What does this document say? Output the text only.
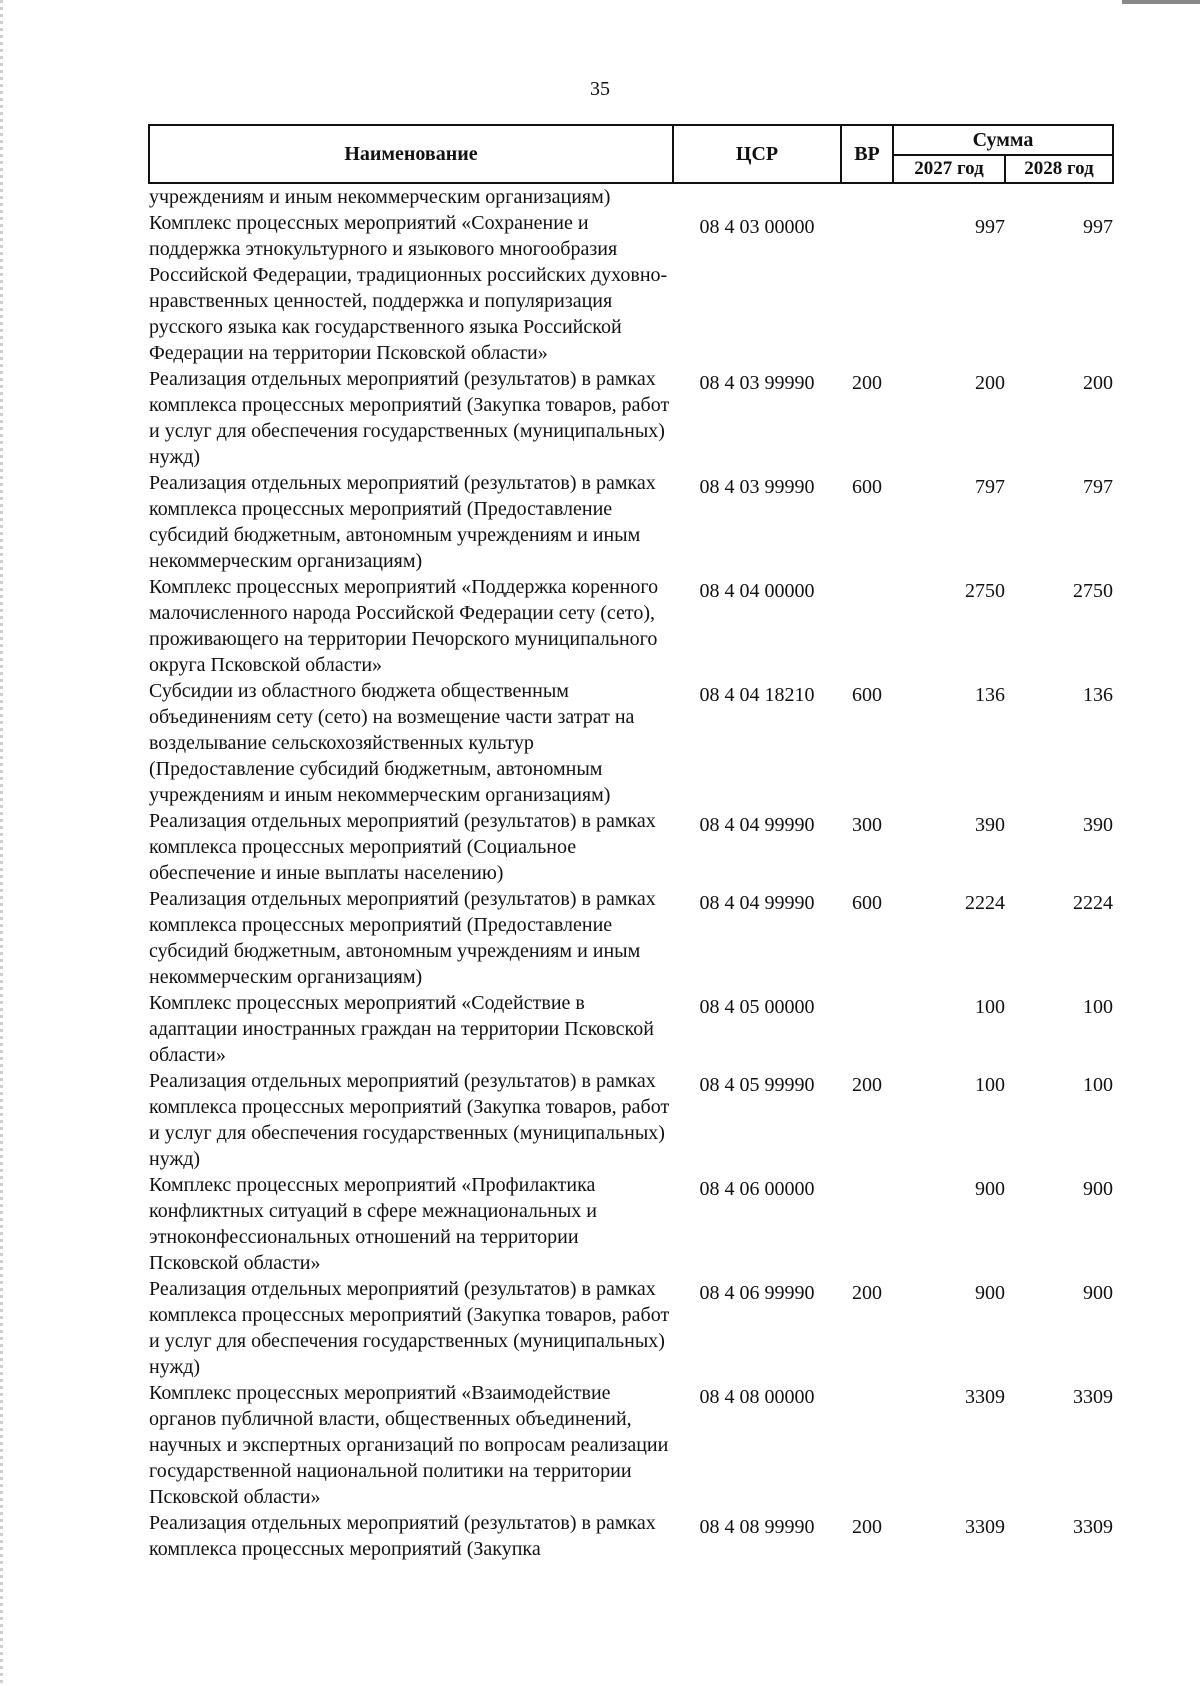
35
Наименование	ЦСР	ВР	Сумма	
			2027 год	2028 год
учреждениям и иным некоммерческим организациям)	

Комплекс процессных мероприятий «Сохранение и поддержка этнокультурного и языкового многообразия Российской Федерации, традиционных российских духовно-нравственных ценностей, поддержка и популяризация русского языка как государственного языка Российской Федерации на территории Псковской области»	08 4 03 00000		997	997

Реализация отдельных мероприятий (результатов) в рамках комплекса процессных мероприятий (Закупка товаров, работ и услуг для обеспечения государственных (муниципальных) нужд)	08 4 03 99990	200	200	200

Реализация отдельных мероприятий (результатов) в рамках комплекса процессных мероприятий (Предоставление субсидий бюджетным, автономным учреждениям и иным некоммерческим организациям)	08 4 03 99990	600	797	797

Комплекс процессных мероприятий «Поддержка коренного малочисленного народа Российской Федерации сету (сето), проживающего на территории Печорского муниципального округа Псковской области»	08 4 04 00000		2750	2750

Субсидии из областного бюджета общественным объединениям сету (сето) на возмещение части затрат на возделывание сельскохозяйственных культур (Предоставление субсидий бюджетным, автономным учреждениям и иным некоммерческим организациям)	08 4 04 18210	600	136	136

Реализация отдельных мероприятий (результатов) в рамках комплекса процессных мероприятий (Социальное обеспечение и иные выплаты населению)	08 4 04 99990	300	390	390

Реализация отдельных мероприятий (результатов) в рамках комплекса процессных мероприятий (Предоставление субсидий бюджетным, автономным учреждениям и иным некоммерческим организациям)	08 4 04 99990	600	2224	2224

Комплекс процессных мероприятий «Содействие в адаптации иностранных граждан на территории Псковской области»	08 4 05 00000		100	100

Реализация отдельных мероприятий (результатов) в рамках комплекса процессных мероприятий (Закупка товаров, работ и услуг для обеспечения государственных (муниципальных) нужд)	08 4 05 99990	200	100	100

Комплекс процессных мероприятий «Профилактика конфликтных ситуаций в сфере межнациональных и этноконфессиональных отношений на территории Псковской области»	08 4 06 00000		900	900

Реализация отдельных мероприятий (результатов) в рамках комплекса процессных мероприятий (Закупка товаров, работ и услуг для обеспечения государственных (муниципальных) нужд)	08 4 06 99990	200	900	900

Комплекс процессных мероприятий «Взаимодействие органов публичной власти, общественных объединений, научных и экспертных организаций по вопросам реализации государственной национальной политики на территории Псковской области»	08 4 08 00000		3309	3309

Реализация отдельных мероприятий (результатов) в рамках комплекса процессных мероприятий (Закупка	08 4 08 99990	200	3309	3309
